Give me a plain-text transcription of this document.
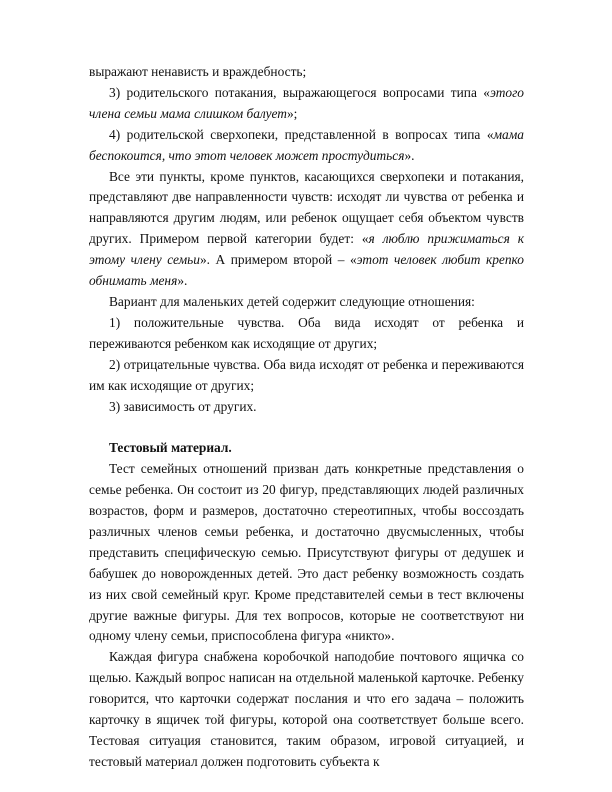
выражают ненависть и враждебность;

3) родительского потакания, выражающегося вопросами типа «этого члена семьи мама слишком балует»;

4) родительской сверхопеки, представленной в вопросах типа «мама беспокоится, что этот человек может простудиться».

Все эти пункты, кроме пунктов, касающихся сверхопеки и потакания, представляют две направленности чувств: исходят ли чувства от ребенка и направляются другим людям, или ребенок ощущает себя объектом чувств других. Примером первой категории будет: «я люблю прижиматься к этому члену семьи». А примером второй – «этот человек любит крепко обнимать меня».

Вариант для маленьких детей содержит следующие отношения:

1) положительные чувства. Оба вида исходят от ребенка и переживаются ребенком как исходящие от других;

2) отрицательные чувства. Оба вида исходят от ребенка и переживаются им как исходящие от других;

3) зависимость от других.

Тестовый материал.

Тест семейных отношений призван дать конкретные представления о семье ребенка. Он состоит из 20 фигур, представляющих людей различных возрастов, форм и размеров, достаточно стереотипных, чтобы воссоздать различных членов семьи ребенка, и достаточно двусмысленных, чтобы представить специфическую семью. Присутствуют фигуры от дедушек и бабушек до новорожденных детей. Это даст ребенку возможность создать из них свой семейный круг. Кроме представителей семьи в тест включены другие важные фигуры. Для тех вопросов, которые не соответствуют ни одному члену семьи, приспособлена фигура «никто».

Каждая фигура снабжена коробочкой наподобие почтового ящичка со щелью. Каждый вопрос написан на отдельной маленькой карточке. Ребенку говорится, что карточки содержат послания и что его задача – положить карточку в ящичек той фигуры, которой она соответствует больше всего. Тестовая ситуация становится, таким образом, игровой ситуацией, и тестовый материал должен подготовить субъекта к
